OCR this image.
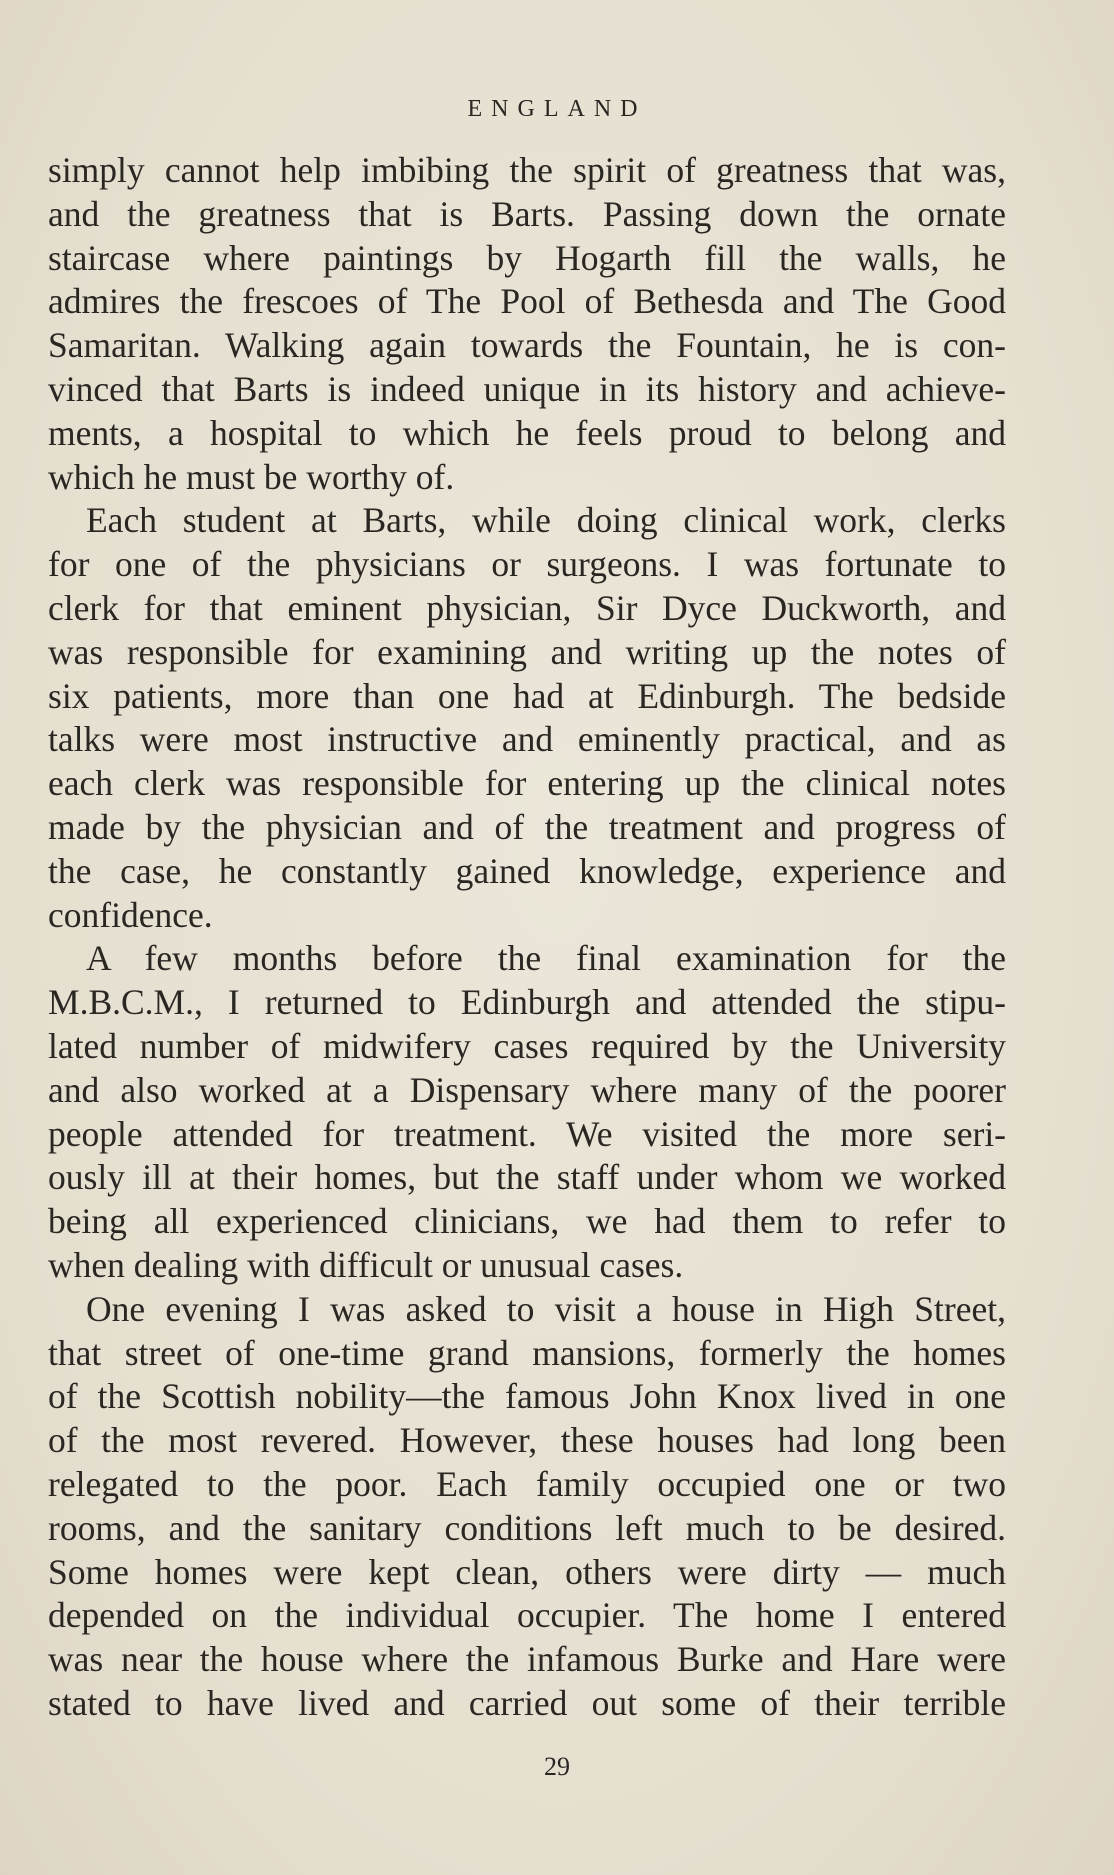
ENGLAND
simply cannot help imbibing the spirit of greatness that was,
and the greatness that is Barts. Passing down the ornate
staircase where paintings by Hogarth fill the walls, he
admires the frescoes of The Pool of Bethesda and The Good
Samaritan. Walking again towards the Fountain, he is con-
vinced that Barts is indeed unique in its history and achieve-
ments, a hospital to which he feels proud to belong and
which he must be worthy of.
Each student at Barts, while doing clinical work, clerks
for one of the physicians or surgeons. I was fortunate to
clerk for that eminent physician, Sir Dyce Duckworth, and
was responsible for examining and writing up the notes of
six patients, more than one had at Edinburgh. The bedside
talks were most instructive and eminently practical, and as
each clerk was responsible for entering up the clinical notes
made by the physician and of the treatment and progress of
the case, he constantly gained knowledge, experience and
confidence.
A few months before the final examination for the
M.B.C.M., I returned to Edinburgh and attended the stipu-
lated number of midwifery cases required by the University
and also worked at a Dispensary where many of the poorer
people attended for treatment. We visited the more seri-
ously ill at their homes, but the staff under whom we worked
being all experienced clinicians, we had them to refer to
when dealing with difficult or unusual cases.
One evening I was asked to visit a house in High Street,
that street of one-time grand mansions, formerly the homes
of the Scottish nobility—the famous John Knox lived in one
of the most revered. However, these houses had long been
relegated to the poor. Each family occupied one or two
rooms, and the sanitary conditions left much to be desired.
Some homes were kept clean, others were dirty — much
depended on the individual occupier. The home I entered
was near the house where the infamous Burke and Hare were
stated to have lived and carried out some of their terrible
29
